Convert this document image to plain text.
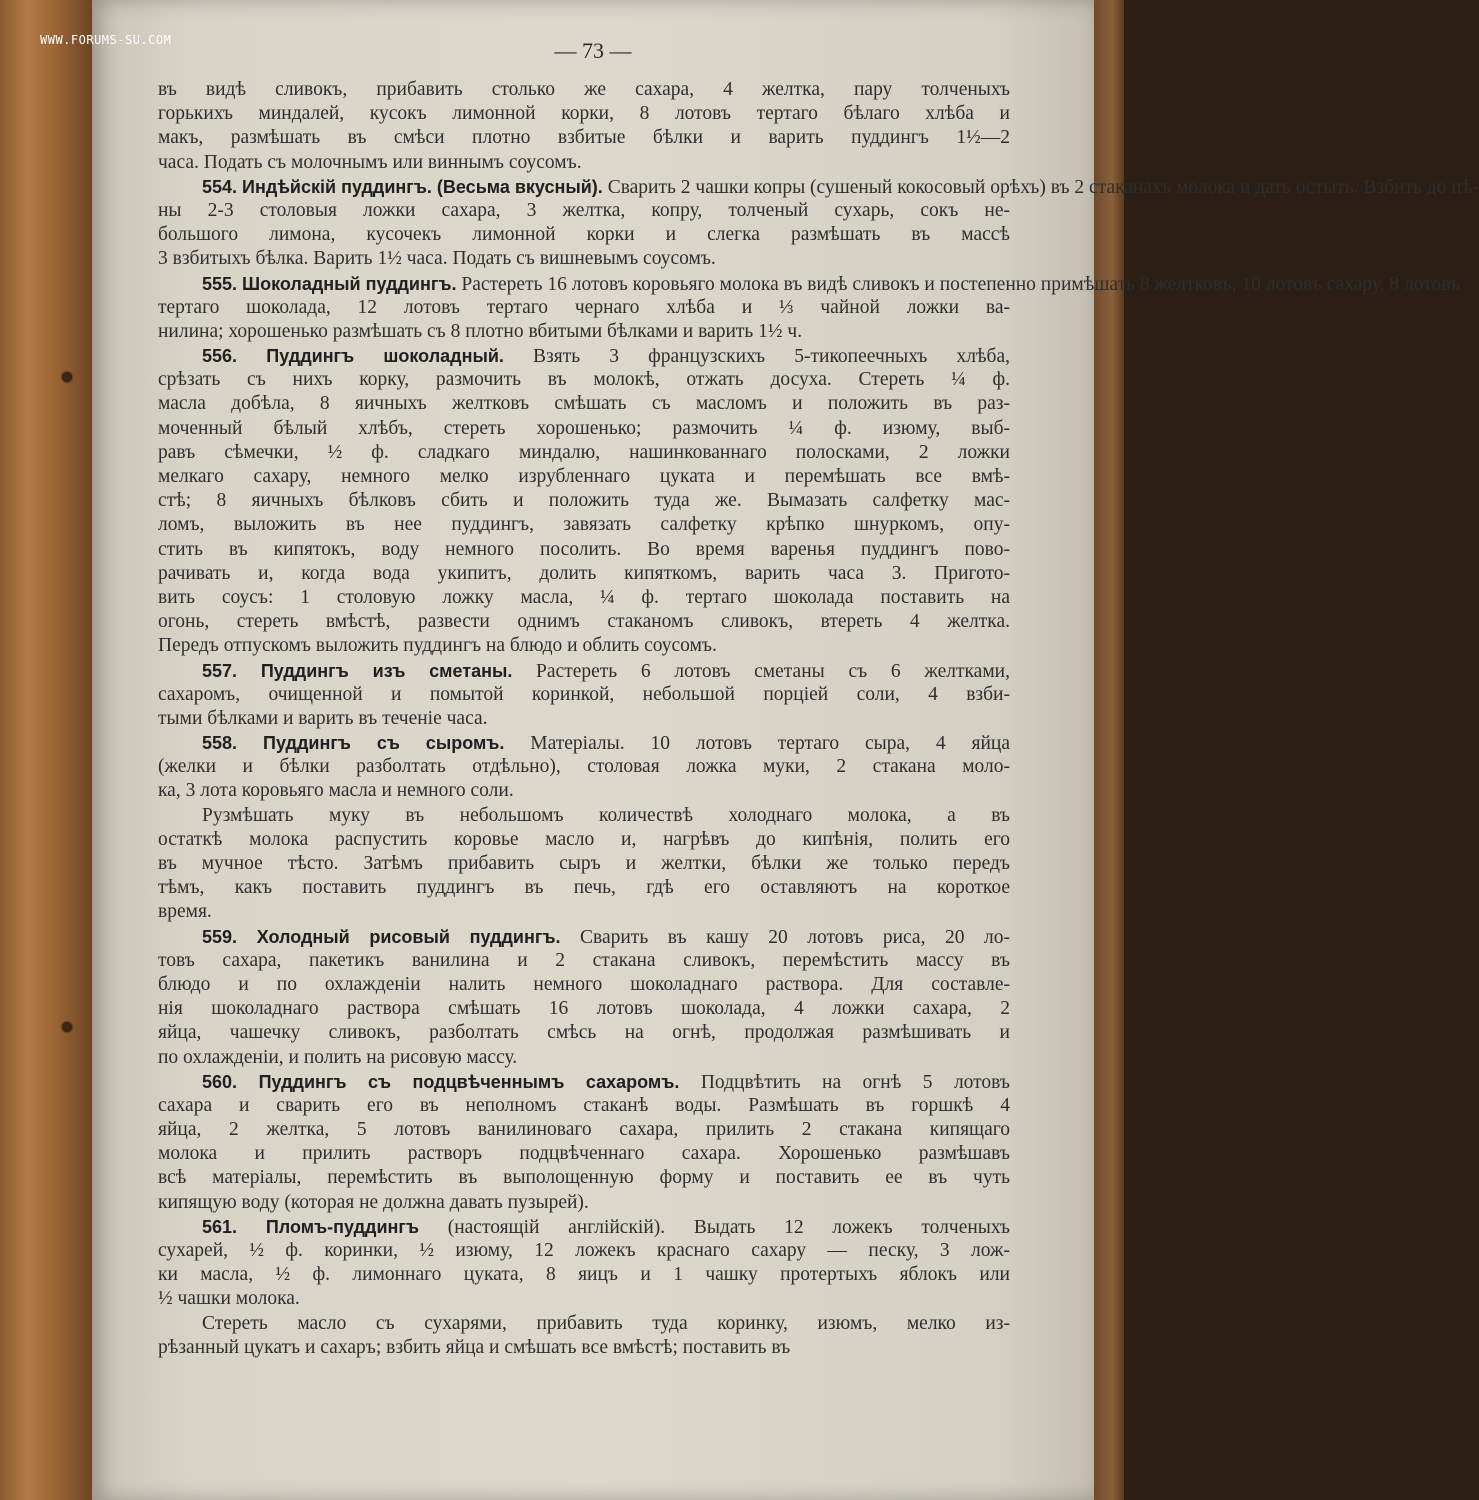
WWW.FORUMS-SU.COM	— 73 —
въ видѣ сливокъ, прибавить столько же сахара, 4 желтка, пару толченыхъ
горькихъ миндалей, кусокъ лимонной корки, 8 лотовъ тертаго бѣлаго хлѣба и
макъ, размѣшать въ смѣси плотно взбитые бѣлки и варить пуддингъ 1½—2
часа. Подать съ молочнымъ или виннымъ соусомъ.
554. Индѣйскій пуддингъ. (Весьма вкусный). Сварить 2 чашки копры (сушеный кокосовый орѣхъ) въ 2 стаканахъ молока и дать остыть. Взбить до пѣ-
ны 2-3 столовыя ложки сахара, 3 желтка, копру, толченый сухарь, сокъ не-
большого лимона, кусочекъ лимонной корки и слегка размѣшать въ массѣ
3 взбитыхъ бѣлка. Варить 1½ часа. Подать съ вишневымъ соусомъ.
555. Шоколадный пуддингъ. Растереть 16 лотовъ коровьяго молока въ видѣ сливокъ и постепенно примѣшать 8 желтковъ, 10 лотовъ сахару, 8 лотовъ
тертаго шоколада, 12 лотовъ тертаго чернаго хлѣба и ⅓ чайной ложки ва-
нилина; хорошенько размѣшать съ 8 плотно вбитыми бѣлками и варить 1½ ч.
556. Пуддингъ шоколадный. Взять 3 французскихъ 5-тикопеечныхъ хлѣба,
срѣзать съ нихъ корку, размочить въ молокѣ, отжать досуха. Стереть ¼ ф.
масла добѣла, 8 яичныхъ желтковъ смѣшать съ масломъ и положить въ раз-
моченный бѣлый хлѣбъ, стереть хорошенько; размочить ¼ ф. изюму, выб-
равъ сѣмечки, ½ ф. сладкаго миндалю, нашинкованнаго полосками, 2 ложки
мелкаго сахару, немного мелко изрубленнаго цуката и перемѣшать все вмѣ-
стѣ; 8 яичныхъ бѣлковъ сбить и положить туда же. Вымазать салфетку мас-
ломъ, выложить въ нее пуддингъ, завязать салфетку крѣпко шнуркомъ, опу-
стить въ кипятокъ, воду немного посолить. Во время варенья пуддингъ пово-
рачивать и, когда вода укипитъ, долить кипяткомъ, варить часа 3. Пригото-
вить соусъ: 1 столовую ложку масла, ¼ ф. тертаго шоколада поставить на
огонь, стереть вмѣстѣ, развести однимъ стаканомъ сливокъ, втереть 4 желтка.
Передъ отпускомъ выложить пуддингъ на блюдо и облить соусомъ.
557. Пуддингъ изъ сметаны. Растереть 6 лотовъ сметаны съ 6 желтками,
сахаромъ, очищенной и помытой коринкой, небольшой порціей соли, 4 взби-
тыми бѣлками и варить въ теченіе часа.
558. Пуддингъ съ сыромъ. Матеріалы. 10 лотовъ тертаго сыра, 4 яйца
(желки и бѣлки разболтать отдѣльно), столовая ложка муки, 2 стакана моло-
ка, 3 лота коровьяго масла и немного соли.
Рузмѣшать муку въ небольшомъ количествѣ холоднаго молока, а въ
остаткѣ молока распустить коровье масло и, нагрѣвъ до кипѣнія, полить его
въ мучное тѣсто. Затѣмъ прибавить сыръ и желтки, бѣлки же только передъ
тѣмъ, какъ поставить пуддингъ въ печь, гдѣ его оставляютъ на короткое
время.
559. Холодный рисовый пуддингъ. Сварить въ кашу 20 лотовъ риса, 20 ло-
товъ сахара, пакетикъ ванилина и 2 стакана сливокъ, перемѣстить массу въ
блюдо и по охлажденіи налить немного шоколаднаго раствора. Для составле-
нія шоколаднаго раствора смѣшать 16 лотовъ шоколада, 4 ложки сахара, 2
яйца, чашечку сливокъ, разболтать смѣсь на огнѣ, продолжая размѣшивать и
по охлажденіи, и полить на рисовую массу.
560. Пуддингъ съ подцвѣченнымъ сахаромъ. Подцвѣтить на огнѣ 5 лотовъ
сахара и сварить его въ неполномъ стаканѣ воды. Размѣшать въ горшкѣ 4
яйца, 2 желтка, 5 лотовъ ванилиноваго сахара, прилить 2 стакана кипящаго
молока и прилить растворъ подцвѣченнаго сахара. Хорошенько размѣшавъ
всѣ матеріалы, перемѣстить въ выполощенную форму и поставить ее въ чуть
кипящую воду (которая не должна давать пузырей).
561. Пломъ-пуддингъ (настоящій англійскій). Выдать 12 ложекъ толченыхъ
сухарей, ½ ф. коринки, ½ изюму, 12 ложекъ краснаго сахару — песку, 3 лож-
ки масла, ½ ф. лимоннаго цуката, 8 яицъ и 1 чашку протертыхъ яблокъ или
½ чашки молока.
Стереть масло съ сухарями, прибавить туда коринку, изюмъ, мелко из-
рѣзанный цукатъ и сахаръ; взбить яйца и смѣшать все вмѣстѣ; поставить въ
